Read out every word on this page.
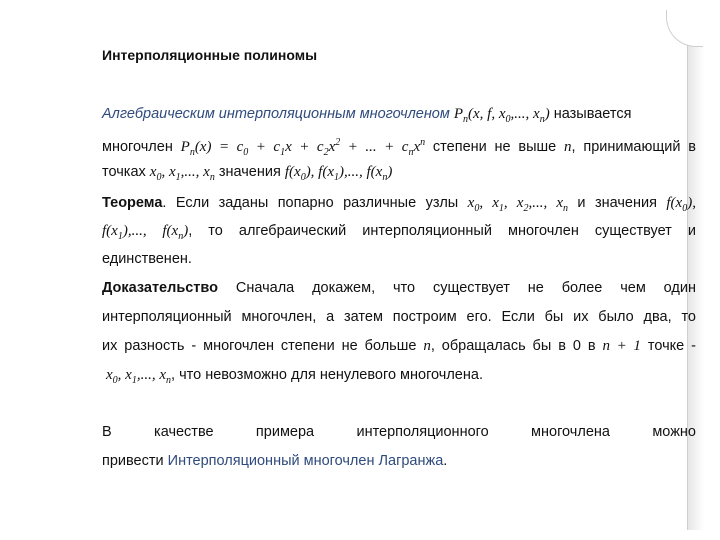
Интерполяционные полиномы
Алгебраическим интерполяционным многочленом $P_n(x$, f, $x_0$,..., $x_n$) называется
многочлен $P_n(x) = c_0 + c_1x + c_2x^2$ + ... + $c_nx^n$ степени не выше n, принимающий в
точках $x_0$, $x_1$,..., $x_n$ значения $f(x_0)$, $f(x_1)$,..., $f(x_n)$
Теорема. Если заданы попарно различные узлы $x_0$, $x_1$, $x_2$,..., $x_n$ и значения $f(x_0)$,
$f(x_1)$,..., $f(x_n)$, то алгебраический интерполяционный многочлен существует и
единственен.
Доказательство Сначала докажем, что существует не более чем один
интерполяционный многочлен, а затем построим его. Если бы их было два, то
их разность - многочлен степени не больше n, обращалась бы в 0 в n + 1 точке -
$x_0$, $x_1$,..., $x_n$, что невозможно для ненулевого многочлена.
В	качестве	примера	интерполяционного	многочлена	можно
привести Интерполяционный многочлен Лагранжа.
